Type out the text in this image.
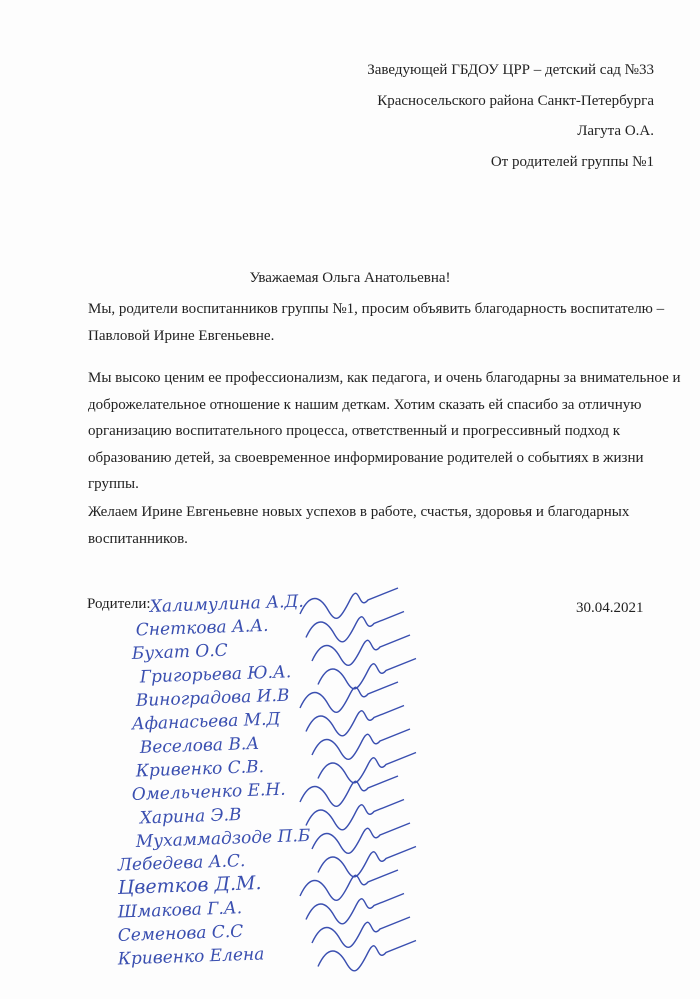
Заведующей ГБДОУ ЦРР – детский сад №33
Красносельского района Санкт-Петербурга
Лагута О.А.
От родителей группы №1
Уважаемая Ольга Анатольевна!
Мы, родители воспитанников группы №1, просим объявить благодарность воспитателю – Павловой Ирине Евгеньевне.
Мы высоко ценим ее профессионализм, как педагога, и очень благодарны за внимательное и доброжелательное отношение к нашим деткам. Хотим сказать ей спасибо за отличную организацию воспитательного процесса, ответственный и прогрессивный подход к образованию детей, за своевременное информирование родителей о событиях в жизни группы.
Желаем Ирине Евгеньевне новых успехов в работе, счастья, здоровья и благодарных воспитанников.
Родители:	30.04.2021
Халимулина А.Д.
Снеткова А.А.
Бухат О.С
Григорьева Ю.А.
Виноградова И.В
Афанасьева М.Д
Веселова В.А
Кривенко С.В.
Омельченко Е.Н.
Харина Э.В
Мухаммадзоде П.Б
Лебедева А.С.
Цветков Д.М.
Шмакова Г.А.
Семенова С.С
Кривенко Елена
